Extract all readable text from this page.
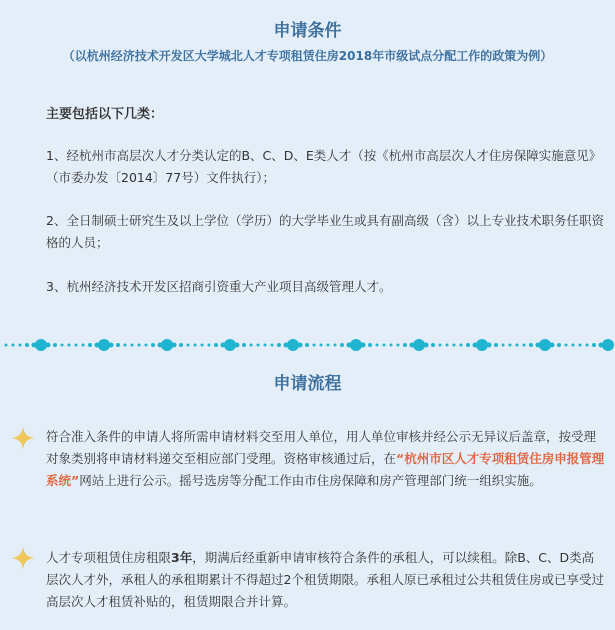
申请条件
（以杭州经济技术开发区大学城北人才专项租赁住房2018年市级试点分配工作的政策为例）
主要包括以下几类：
1、经杭州市高层次人才分类认定的B、C、D、E类人才（按《杭州市高层次人才住房保障实施意见》（市委办发〔2014〕77号）文件执行）；
2、全日制硕士研究生及以上学位（学历）的大学毕业生或具有副高级（含）以上专业技术职务任职资格的人员；
3、杭州经济技术开发区招商引资重大产业项目高级管理人才。
申请流程
符合准入条件的申请人将所需申请材料交至用人单位，用人单位审核并经公示无异议后盖章，按受理对象类别将申请材料递交至相应部门受理。资格审核通过后，在“杭州市区人才专项租赁住房申报管理系统”网站上进行公示。摇号选房等分配工作由市住房保障和房产管理部门统一组织实施。
人才专项租赁住房租限3年，期满后经重新申请审核符合条件的承租人，可以续租。除B、C、D类高层次人才外，承租人的承租期累计不得超过2个租赁期限。承租人原已承租过公共租赁住房或已享受过高层次人才租赁补贴的，租赁期限合并计算。
